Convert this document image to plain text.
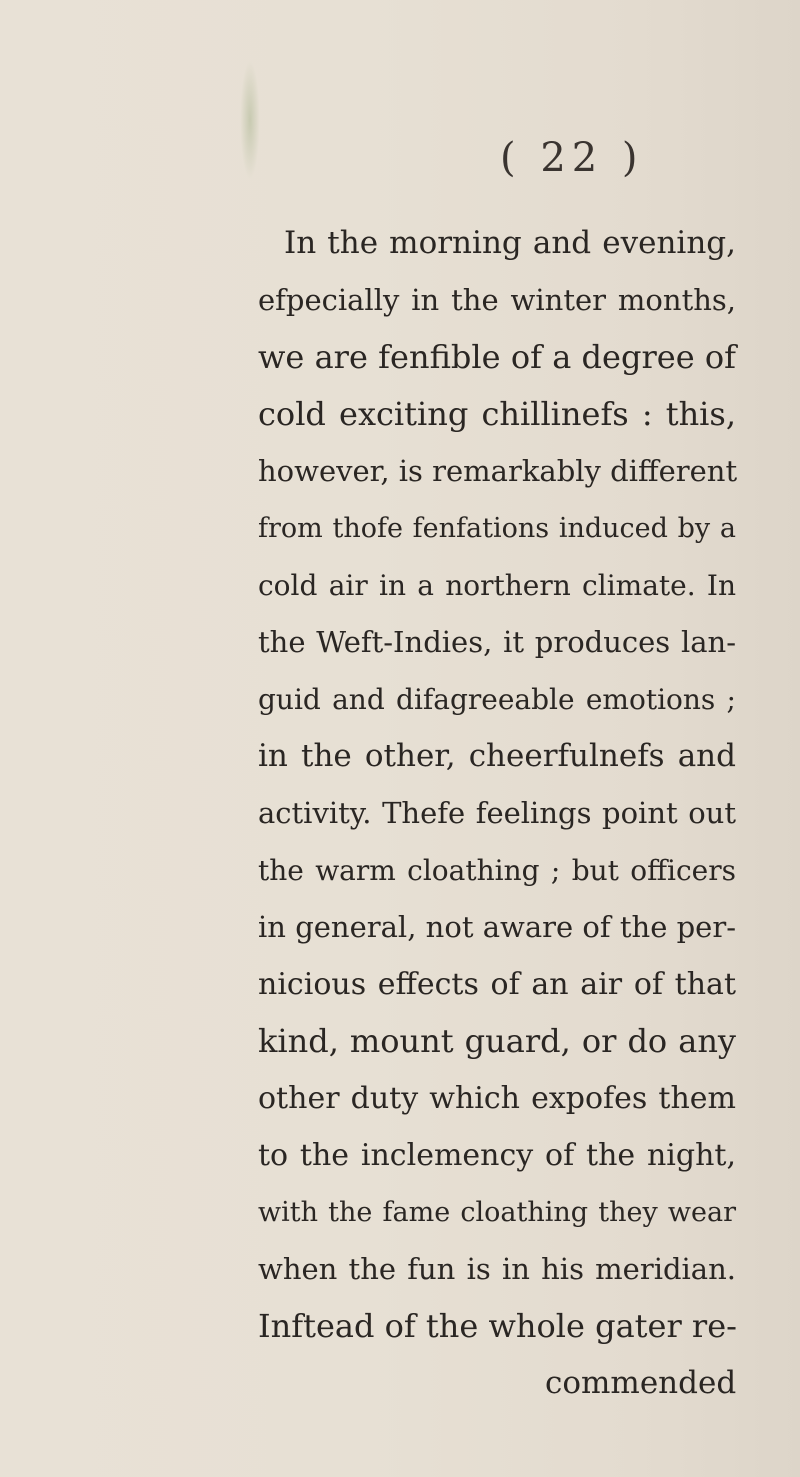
( 22 )
In the morning and evening,
efpecially in the winter months,
we are fenfible of a degree of
cold exciting chillinefs : this,
however, is remarkably different
from thofe fenfations induced by a
cold air in a northern climate. In
the Weft-Indies, it produces lan-
guid and difagreeable emotions ;
in the other, cheerfulnefs and
activity. Thefe feelings point out
the warm cloathing ; but officers
in general, not aware of the per-
nicious effects of an air of that
kind, mount guard, or do any
other duty which expofes them
to the inclemency of the night,
with the fame cloathing they wear
when the fun is in his meridian.
Inftead of the whole gater re-
commended
